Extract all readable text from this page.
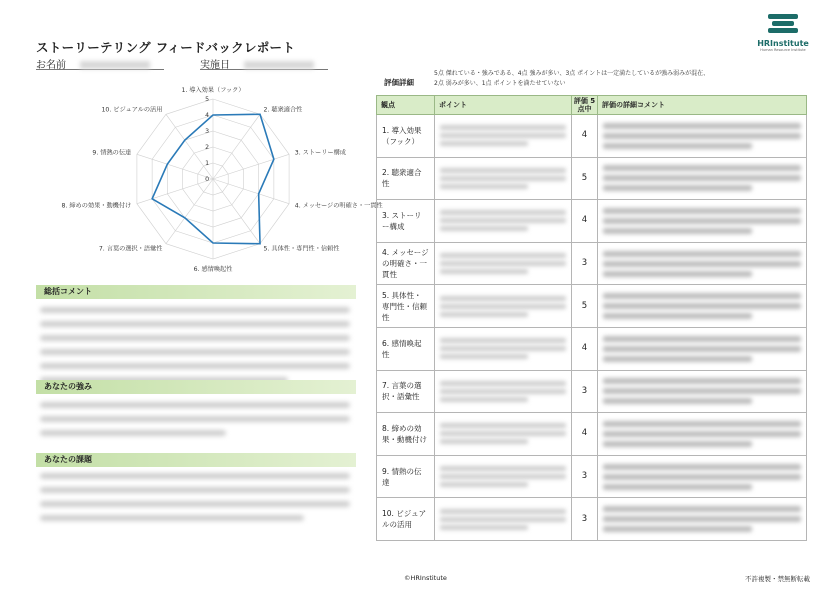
ストーリーテリング フィードバックレポート
お名前	実施日
HRInstitute
Human Resource Institute
0
1
2
3
4
5
1. 導入効果（フック）
2. 聴衆適合性
3. ストーリー構成
4. メッセージの明確さ・一貫性
5. 具体性・専門性・信頼性
6. 感情喚起性
7. 言葉の選択・語彙性
8. 締めの効果・動機付け
9. 情熱の伝達
10. ビジュアルの活用
総括コメント
あなたの強み
あなたの課題
評価詳細
5点 傑れている・強みである、4点 強みが多い、3点 ポイントは一定満たしているが強み弱みが混在、
2点 弱みが多い、1点 ポイントを満たせていない
観点	ポイント	評価 5点中	評価の詳細コメント
1. 導入効果（フック）		4	

2. 聴衆適合性		5	

3. ストーリー構成		4	

4. メッセージの明確さ・一貫性		3	

5. 具体性・専門性・信頼性		5	

6. 感情喚起性		4	

7. 言葉の選択・語彙性		3	

8. 締めの効果・動機付け		4	

9. 情熱の伝達		3	

10. ビジュアルの活用		3	
©HRInstitute	不許複製・禁無断転載
